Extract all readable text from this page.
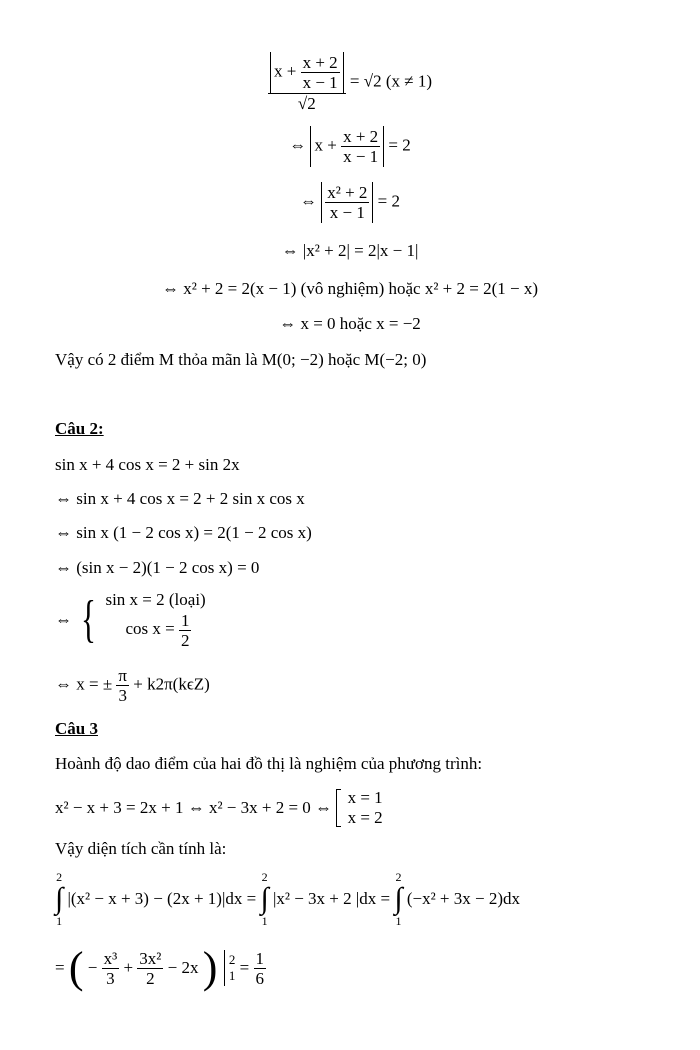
$\frac{x + \frac{x + 2}{x - 1}}{√2} = √2$ (x ≠ 1)
⇔ $x + \frac{x + 2}{x - 1} = 2$
⇔ $\frac{\text{x² + 2}}{x - 1} = 2$
⇔ |x² + 2| = 2|x − 1|
⇔ x² + 2 = 2(x − 1) (vô nghiệm) hoặc x² + 2 = 2(1 − x)
⇔ x = 0 hoặc x = −2
Vậy có 2 điểm M thỏa mãn là M(0; −2) hoặc M(−2; 0)
Câu 2:
sin x + 4 cos x = 2 + sin 2x
⇔ sin x + 4 cos x = 2 + 2 sin x cos x
⇔ sin x (1 − 2 cos x) = 2(1 − 2 cos x)
⇔ (sin x − 2)(1 − 2 cos x) = 0
⇔ { sin x = 2 (loại)
$\cos x = \frac{1}{2}$
⇔ x = ± $\frac{\pi}{3} + k2\pi(k\epsilon Z)$
Câu 3
Hoành độ dao điểm của hai đồ thị là nghiệm của phương trình:
x² − x + 3 = 2x + 1 ⇔ x² − 3x + 2 = 0 ⇔
x = 1
x = 2
Vậy diện tích cần tính là:
2
∫
1
|(x² − x + 3) − (2x + 1)|dx =
2
∫
1
|x² − 3x + 2 |dx =
2
∫
1
(−x² + 3x − 2)dx
= ( − $\frac{\text{x³}}{3} + \frac{\text{3x²}}{2} - 2x$ ) 2
$1 = \frac{1}{6}$
